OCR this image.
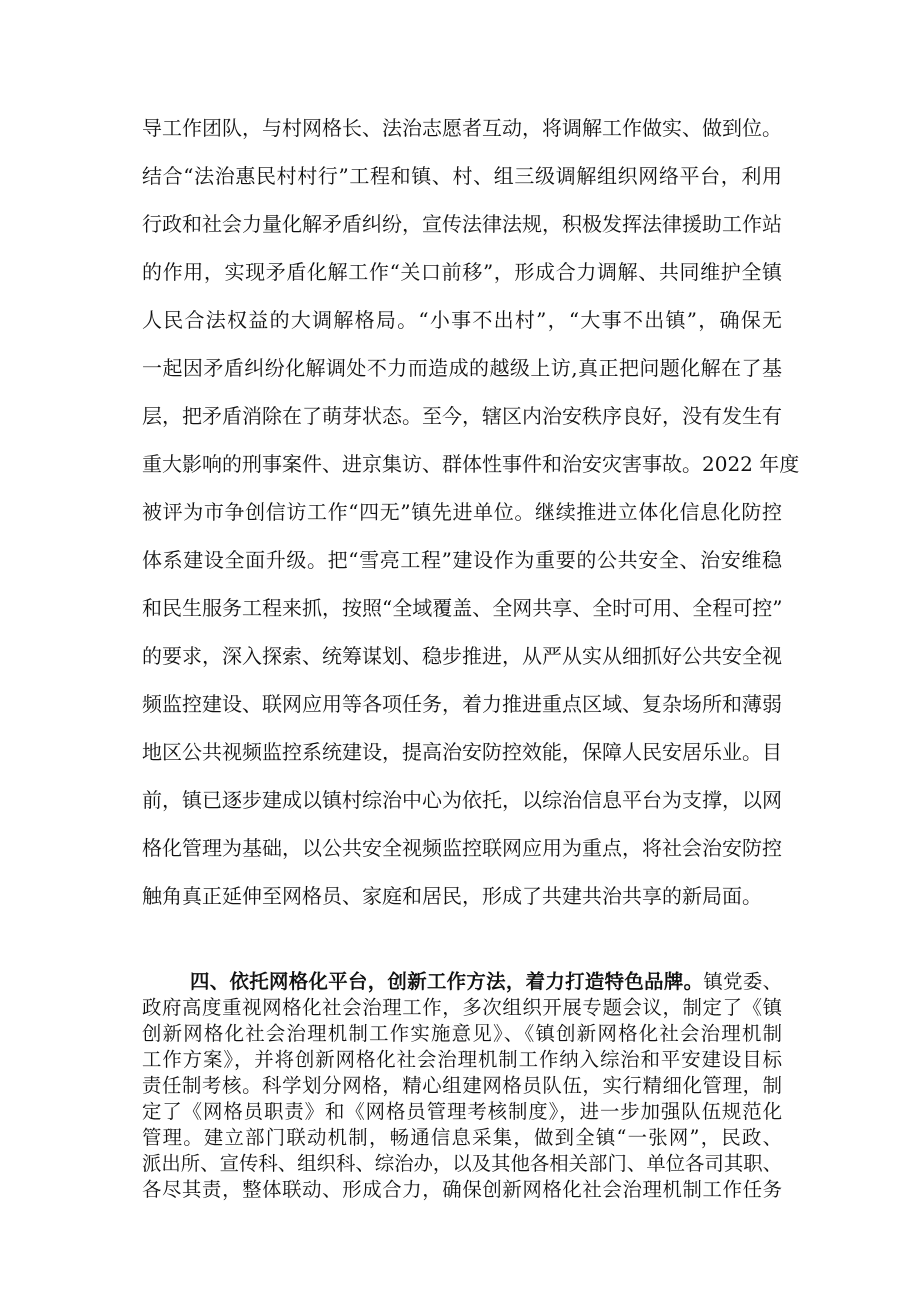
导工作团队，与村网格长、法治志愿者互动，将调解工作做实、做到位。
结合“法治惠民村村行”工程和镇、村、组三级调解组织网络平台，利用
行政和社会力量化解矛盾纠纷，宣传法律法规，积极发挥法律援助工作站
的作用，实现矛盾化解工作“关口前移”，形成合力调解、共同维护全镇
人民合法权益的大调解格局。“小事不出村”，“大事不出镇”，确保无
一起因矛盾纠纷化解调处不力而造成的越级上访,真正把问题化解在了基
层，把矛盾消除在了萌芽状态。至今，辖区内治安秩序良好，没有发生有
重大影响的刑事案件、进京集访、群体性事件和治安灾害事故。2022 年度
被评为市争创信访工作“四无”镇先进单位。继续推进立体化信息化防控
体系建设全面升级。把“雪亮工程”建设作为重要的公共安全、治安维稳
和民生服务工程来抓，按照“全域覆盖、全网共享、全时可用、全程可控”
的要求，深入探索、统筹谋划、稳步推进，从严从实从细抓好公共安全视
频监控建设、联网应用等各项任务，着力推进重点区域、复杂场所和薄弱
地区公共视频监控系统建设，提高治安防控效能，保障人民安居乐业。目
前，镇已逐步建成以镇村综治中心为依托，以综治信息平台为支撑，以网
格化管理为基础，以公共安全视频监控联网应用为重点，将社会治安防控
触角真正延伸至网格员、家庭和居民，形成了共建共治共享的新局面。
四、依托网格化平台，创新工作方法，着力打造特色品牌。镇党委、
政府高度重视网格化社会治理工作，多次组织开展专题会议，制定了《镇
创新网格化社会治理机制工作实施意见》、《镇创新网格化社会治理机制
工作方案》，并将创新网格化社会治理机制工作纳入综治和平安建设目标
责任制考核。科学划分网格，精心组建网格员队伍，实行精细化管理，制
定了《网格员职责》和《网格员管理考核制度》，进一步加强队伍规范化
管理。建立部门联动机制，畅通信息采集，做到全镇“一张网”，民政、
派出所、宣传科、组织科、综治办，以及其他各相关部门、单位各司其职、
各尽其责，整体联动、形成合力，确保创新网格化社会治理机制工作任务
